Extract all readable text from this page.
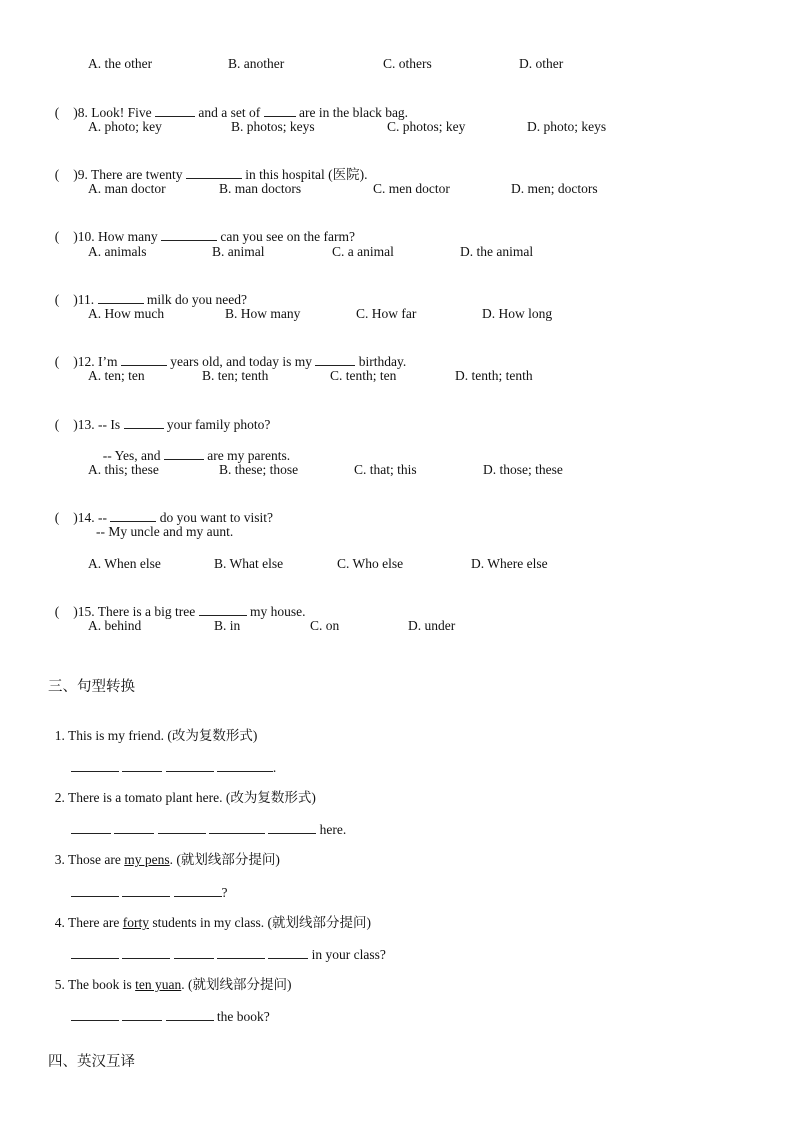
A. the other	B. another	C. others	D. other

( )8. Look! Five	and a set of	are in the black bag.

A. photo; key	B. photos; keys	C. photos; key	D. photo; keys

( )9. There are twenty	in this hospital (医院).

A. man doctor	B. man doctors	C. men doctor	D. men; doctors

( )10. How many	can you see on the farm?

A. animals	B. animal	C. a animal	D. the animal

( )11.	milk do you need?

A. How much	B. How many	C. How far	D. How long

( )12. I’m	years old, and today is my	birthday.

A. ten; ten	B. ten; tenth	C. tenth; ten	D. tenth; tenth

( )13. -- Is	your family photo?

-- Yes, and	are my parents.

A. this; these	B. these; those	C. that; this	D. those; these

( )14. --	do you want to visit?

-- My uncle and my aunt.
A. When else	B. What else	C. Who else	D. Where else

( )15. There is a big tree	my house.

A. behind	B. in	C. on	D. under
三、句型转换

1. This is my friend. (改为复数形式)

.

2. There is a tomato plant here. (改为复数形式)

here.

3. Those are my pens. (就划线部分提问)

?

4. There are forty students in my class. (就划线部分提问)

in your class?

5. The book is ten yuan. (就划线部分提问)

the book?

四、英汉互译
